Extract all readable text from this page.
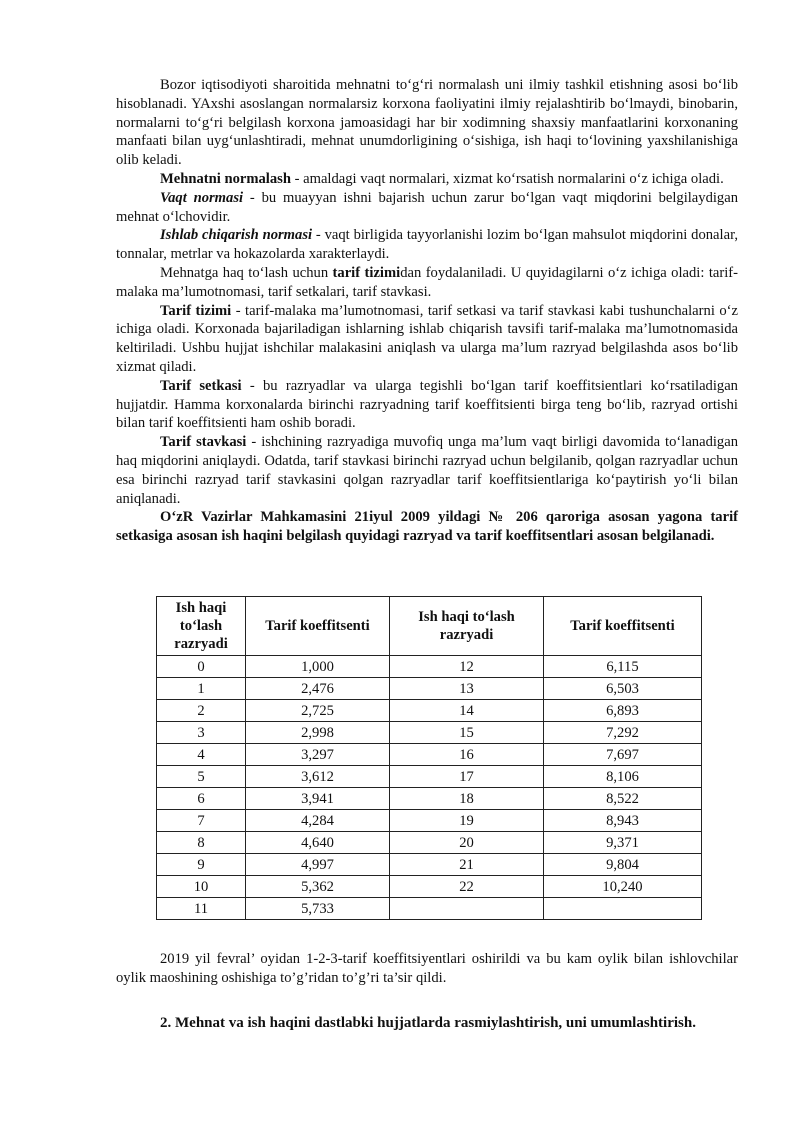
Bozor iqtisodiyoti sharoitida mehnatni to‘g‘ri normalash uni ilmiy tashkil etishning asosi bo‘lib hisoblanadi. YAxshi asoslangan normalarsiz korxona faoliyatini ilmiy rejalashtirib bo‘lmaydi, binobarin, normalarni to‘g‘ri belgilash korxona jamoasidagi har bir xodimning shaxsiy manfaatlarini korxonaning manfaati bilan uyg‘unlashtiradi, mehnat unumdorligining o‘sishiga, ish haqi to‘lovining yaxshilanishiga olib keladi.

Mehnatni normalash - amaldagi vaqt normalari, xizmat ko‘rsatish normalarini o‘z ichiga oladi.

Vaqt normasi - bu muayyan ishni bajarish uchun zarur bo‘lgan vaqt miqdorini belgilaydigan mehnat o‘lchovidir.

Ishlab chiqarish normasi - vaqt birligida tayyorlanishi lozim bo‘lgan mahsulot miqdorini donalar, tonnalar, metrlar va hokazolarda xarakterlaydi.

Mehnatga haq to‘lash uchun tarif tizimidan foydalaniladi. U quyidagilarni o‘z ichiga oladi: tarif-malaka ma’lumotnomasi, tarif setkalari, tarif stavkasi.

Tarif tizimi - tarif-malaka ma’lumotnomasi, tarif setkasi va tarif stavkasi kabi tushunchalarni o‘z ichiga oladi. Korxonada bajariladigan ishlarning ishlab chiqarish tavsifi tarif-malaka ma’lumotnomasida keltiriladi. Ushbu hujjat ishchilar malakasini aniqlash va ularga ma’lum razryad belgilashda asos bo‘lib xizmat qiladi.

Tarif setkasi - bu razryadlar va ularga tegishli bo‘lgan tarif koeffitsientlari ko‘rsatiladigan hujjatdir. Hamma korxonalarda birinchi razryadning tarif koeffitsienti birga teng bo‘lib, razryad ortishi bilan tarif koeffitsienti ham oshib boradi.

Tarif stavkasi - ishchining razryadiga muvofiq unga ma’lum vaqt birligi davomida to‘lanadigan haq miqdorini aniqlaydi. Odatda, tarif stavkasi birinchi razryad uchun belgilanib, qolgan razryadlar uchun esa birinchi razryad tarif stavkasini qolgan razryadlar tarif koeffitsientlariga ko‘paytirish yo‘li bilan aniqlanadi.

O‘zR Vazirlar Mahkamasini 21iyul 2009 yildagi № 206 qaroriga asosan yagona tarif setkasiga asosan ish haqini belgilash quyidagi razryad va tarif koeffitsentlari asosan belgilanadi.

Ish haqi to‘lash razryadi	Tarif koeffitsenti	Ish haqi to‘lash razryadi	Tarif koeffitsenti
0	1,000	12	6,115
1	2,476	13	6,503
2	2,725	14	6,893
3	2,998	15	7,292
4	3,297	16	7,697
5	3,612	17	8,106
6	3,941	18	8,522
7	4,284	19	8,943
8	4,640	20	9,371
9	4,997	21	9,804
10	5,362	22	10,240
11	5,733		

2019 yil fevral’ oyidan 1-2-3-tarif koeffitsiyentlari oshirildi va bu kam oylik bilan ishlovchilar oylik maoshining oshishiga to’g’ridan to’g’ri ta’sir qildi.

2. Mehnat va ish haqini dastlabki hujjatlarda rasmiylashtirish, uni umumlashtirish.
